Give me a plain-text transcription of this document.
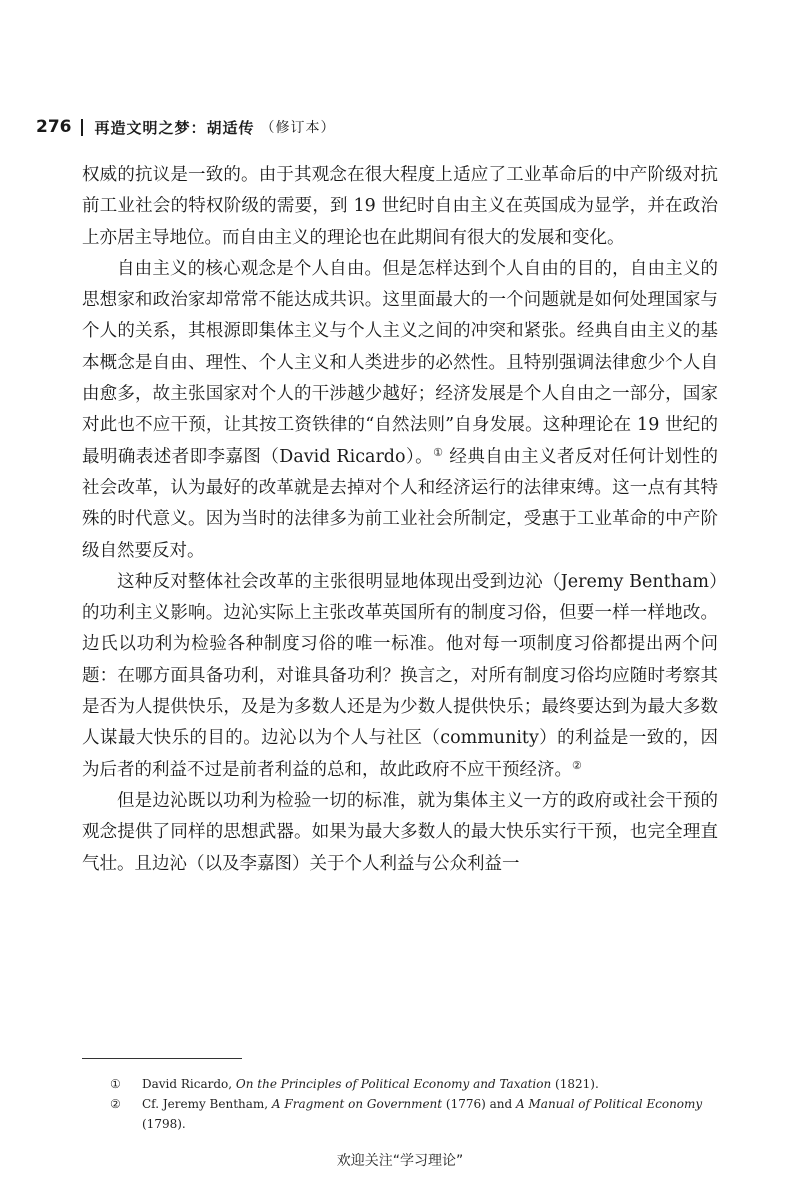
276 再造文明之梦：胡适传 （修订本）

权威的抗议是一致的。由于其观念在很大程度上适应了工业革命后的中产阶级对抗前工业社会的特权阶级的需要，到 19 世纪时自由主义在英国成为显学，并在政治上亦居主导地位。而自由主义的理论也在此期间有很大的发展和变化。

自由主义的核心观念是个人自由。但是怎样达到个人自由的目的，自由主义的思想家和政治家却常常不能达成共识。这里面最大的一个问题就是如何处理国家与个人的关系，其根源即集体主义与个人主义之间的冲突和紧张。经典自由主义的基本概念是自由、理性、个人主义和人类进步的必然性。且特别强调法律愈少个人自由愈多，故主张国家对个人的干涉越少越好；经济发展是个人自由之一部分，国家对此也不应干预，让其按工资铁律的“自然法则”自身发展。这种理论在 19 世纪的最明确表述者即李嘉图（David Ricardo）。① 经典自由主义者反对任何计划性的社会改革，认为最好的改革就是去掉对个人和经济运行的法律束缚。这一点有其特殊的时代意义。因为当时的法律多为前工业社会所制定，受惠于工业革命的中产阶级自然要反对。

这种反对整体社会改革的主张很明显地体现出受到边沁（Jeremy Bentham）的功利主义影响。边沁实际上主张改革英国所有的制度习俗，但要一样一样地改。边氏以功利为检验各种制度习俗的唯一标准。他对每一项制度习俗都提出两个问题：在哪方面具备功利，对谁具备功利？换言之，对所有制度习俗均应随时考察其是否为人提供快乐，及是为多数人还是为少数人提供快乐；最终要达到为最大多数人谋最大快乐的目的。边沁以为个人与社区（community）的利益是一致的，因为后者的利益不过是前者利益的总和，故此政府不应干预经济。②

但是边沁既以功利为检验一切的标准，就为集体主义一方的政府或社会干预的观念提供了同样的思想武器。如果为最大多数人的最大快乐实行干预，也完全理直气壮。且边沁（以及李嘉图）关于个人利益与公众利益一

①	David Ricardo, On the Principles of Political Economy and Taxation (1821).

②	Cf. Jeremy Bentham, A Fragment on Government (1776) and A Manual of Political Economy (1798).

欢迎关注“学习理论”
